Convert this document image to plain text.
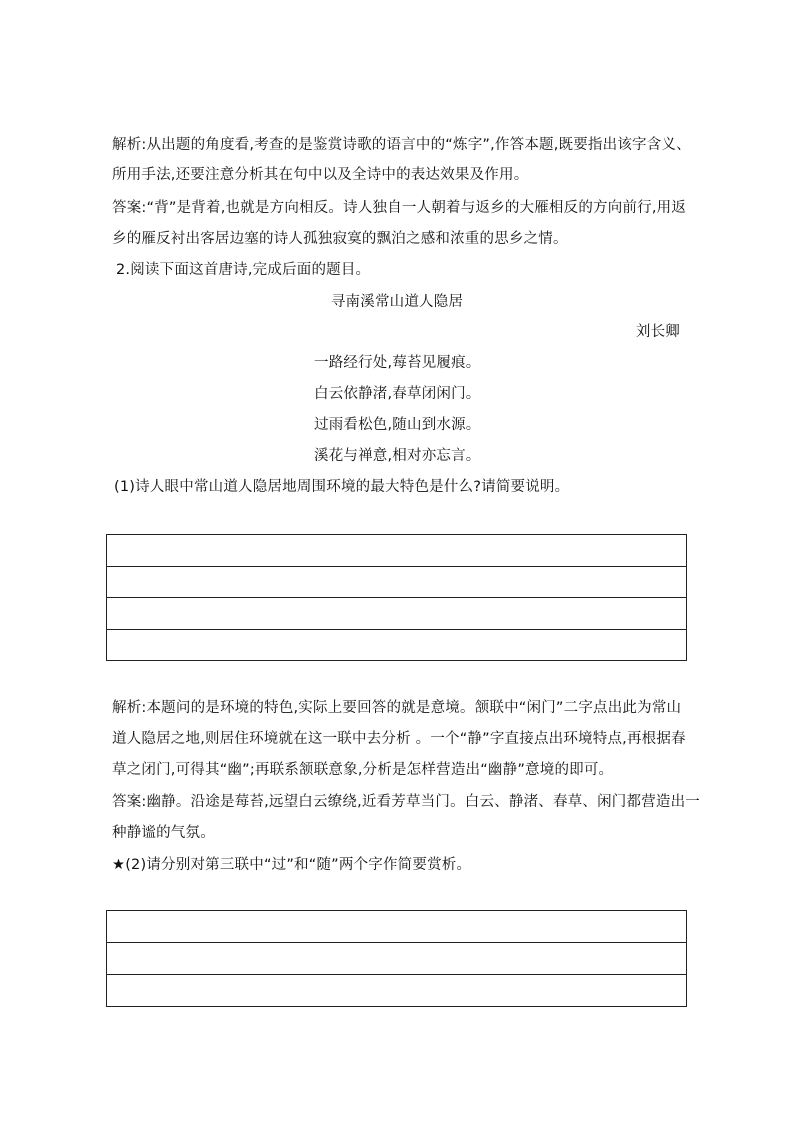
解析:从出题的角度看,考查的是鉴赏诗歌的语言中的“炼字”,作答本题,既要指出该字含义、
所用手法,还要注意分析其在句中以及全诗中的表达效果及作用。
答案:“背”是背着,也就是方向相反。诗人独自一人朝着与返乡的大雁相反的方向前行,用返
乡的雁反衬出客居边塞的诗人孤独寂寞的飘泊之感和浓重的思乡之情。
2.阅读下面这首唐诗,完成后面的题目。
寻南溪常山道人隐居
刘长卿
一路经行处,莓苔见履痕。
白云依静渚,春草闭闲门。
过雨看松色,随山到水源。
溪花与禅意,相对亦忘言。
(1)诗人眼中常山道人隐居地周围环境的最大特色是什么?请简要说明。
解析:本题问的是环境的特色,实际上要回答的就是意境。颔联中“闲门”二字点出此为常山
道人隐居之地,则居住环境就在这一联中去分析 。一个“静”字直接点出环境特点,再根据春
草之闭门,可得其“幽”;再联系颔联意象,分析是怎样营造出“幽静”意境的即可。
答案:幽静。沿途是莓苔,远望白云缭绕,近看芳草当门。白云、静渚、春草、闲门都营造出一
种静谧的气氛。
★(2)请分别对第三联中“过”和“随”两个字作简要赏析。
